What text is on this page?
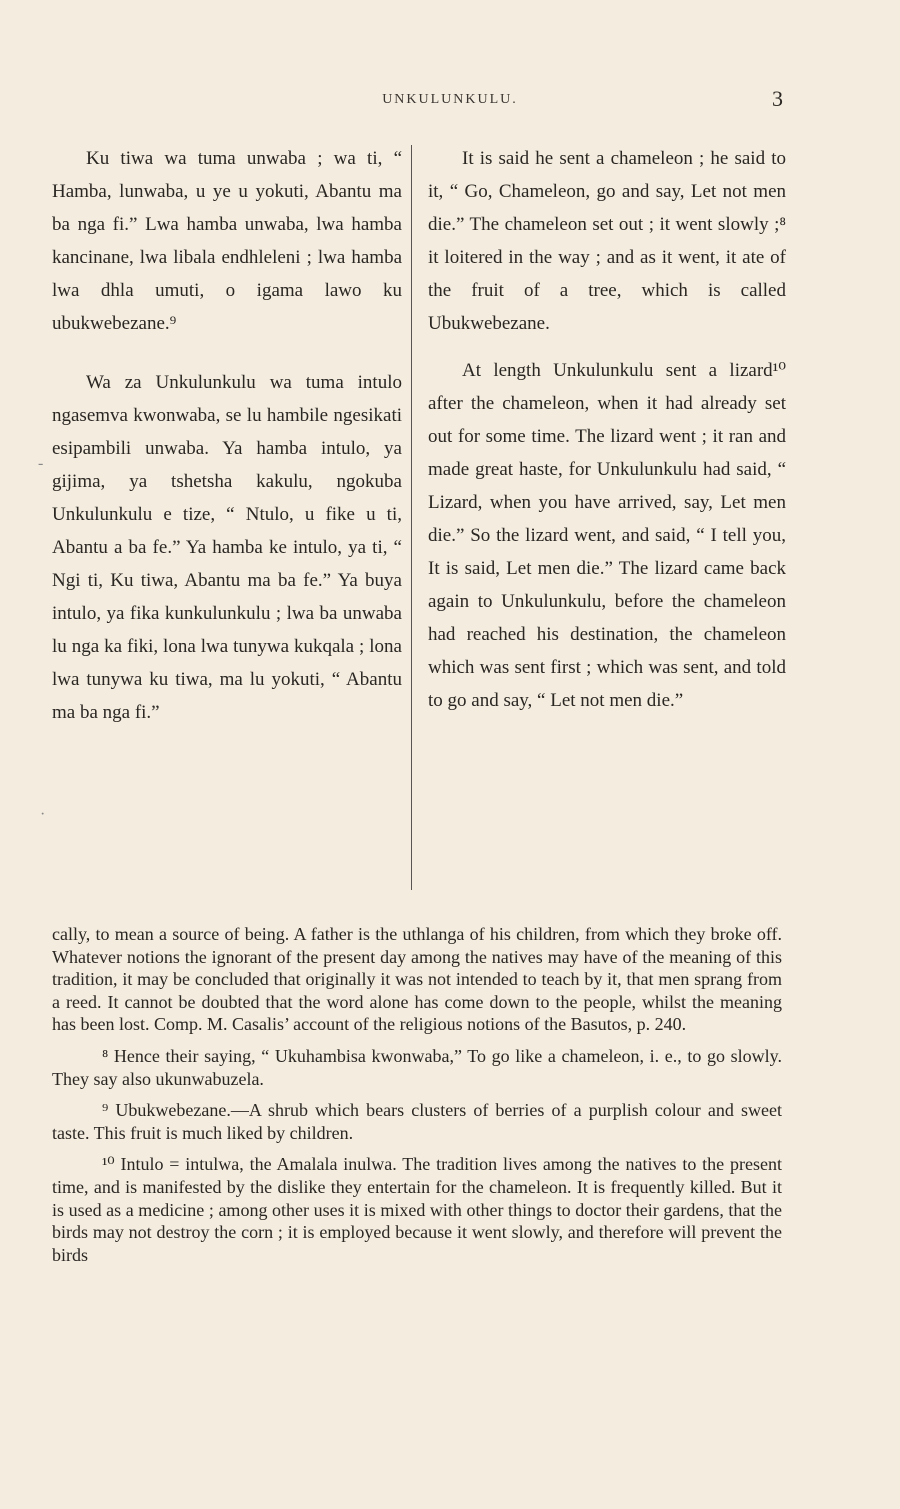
UNKULUNKULU.	3

Ku tiwa wa tuma unwaba ; wa ti, “ Hamba, lunwaba, u ye u yokuti, Abantu ma ba nga fi.” Lwa hamba unwaba, lwa hamba kancinane, lwa libala endhleleni ; lwa hamba lwa dhla umuti, o igama lawo ku ubukwebezane.⁹

Wa za Unkulunkulu wa tuma intulo ngasemva kwonwaba, se lu hambile ngesikati esipambili unwaba. Ya hamba intulo, ya gijima, ya tshetsha kakulu, ngokuba Unkulunkulu e tize, “ Ntulo, u fike u ti, Abantu a ba fe.” Ya hamba ke intulo, ya ti, “ Ngi ti, Ku tiwa, Abantu ma ba fe.” Ya buya intulo, ya fika kunkulunkulu ; lwa ba unwaba lu nga ka fiki, lona lwa tunywa kukqala ; lona lwa tunywa ku tiwa, ma lu yokuti, “ Abantu ma ba nga fi.”

It is said he sent a chameleon ; he said to it, “ Go, Chameleon, go and say, Let not men die.” The chameleon set out ; it went slowly ;⁸ it loitered in the way ; and as it went, it ate of the fruit of a tree, which is called Ubukwebezane.

At length Unkulunkulu sent a lizard¹⁰ after the chameleon, when it had already set out for some time. The lizard went ; it ran and made great haste, for Unkulunkulu had said, “ Lizard, when you have arrived, say, Let men die.” So the lizard went, and said, “ I tell you, It is said, Let men die.” The lizard came back again to Unkulunkulu, before the chameleon had reached his destination, the chameleon which was sent first ; which was sent, and told to go and say, “ Let not men die.”

-
·

cally, to mean a source of being. A father is the uthlanga of his children, from which they broke off. Whatever notions the ignorant of the present day among the natives may have of the meaning of this tradition, it may be concluded that originally it was not intended to teach by it, that men sprang from a reed. It cannot be doubted that the word alone has come down to the people, whilst the meaning has been lost. Comp. M. Casalis’ account of the religious notions of the Basutos, p. 240.

⁸ Hence their saying, “ Ukuhambisa kwonwaba,” To go like a chameleon, i. e., to go slowly. They say also ukunwabuzela.

⁹ Ubukwebezane.—A shrub which bears clusters of berries of a purplish colour and sweet taste. This fruit is much liked by children.

¹⁰ Intulo = intulwa, the Amalala inulwa. The tradition lives among the natives to the present time, and is manifested by the dislike they entertain for the chameleon. It is frequently killed. But it is used as a medicine ; among other uses it is mixed with other things to doctor their gardens, that the birds may not destroy the corn ; it is employed because it went slowly, and therefore will prevent the birds
